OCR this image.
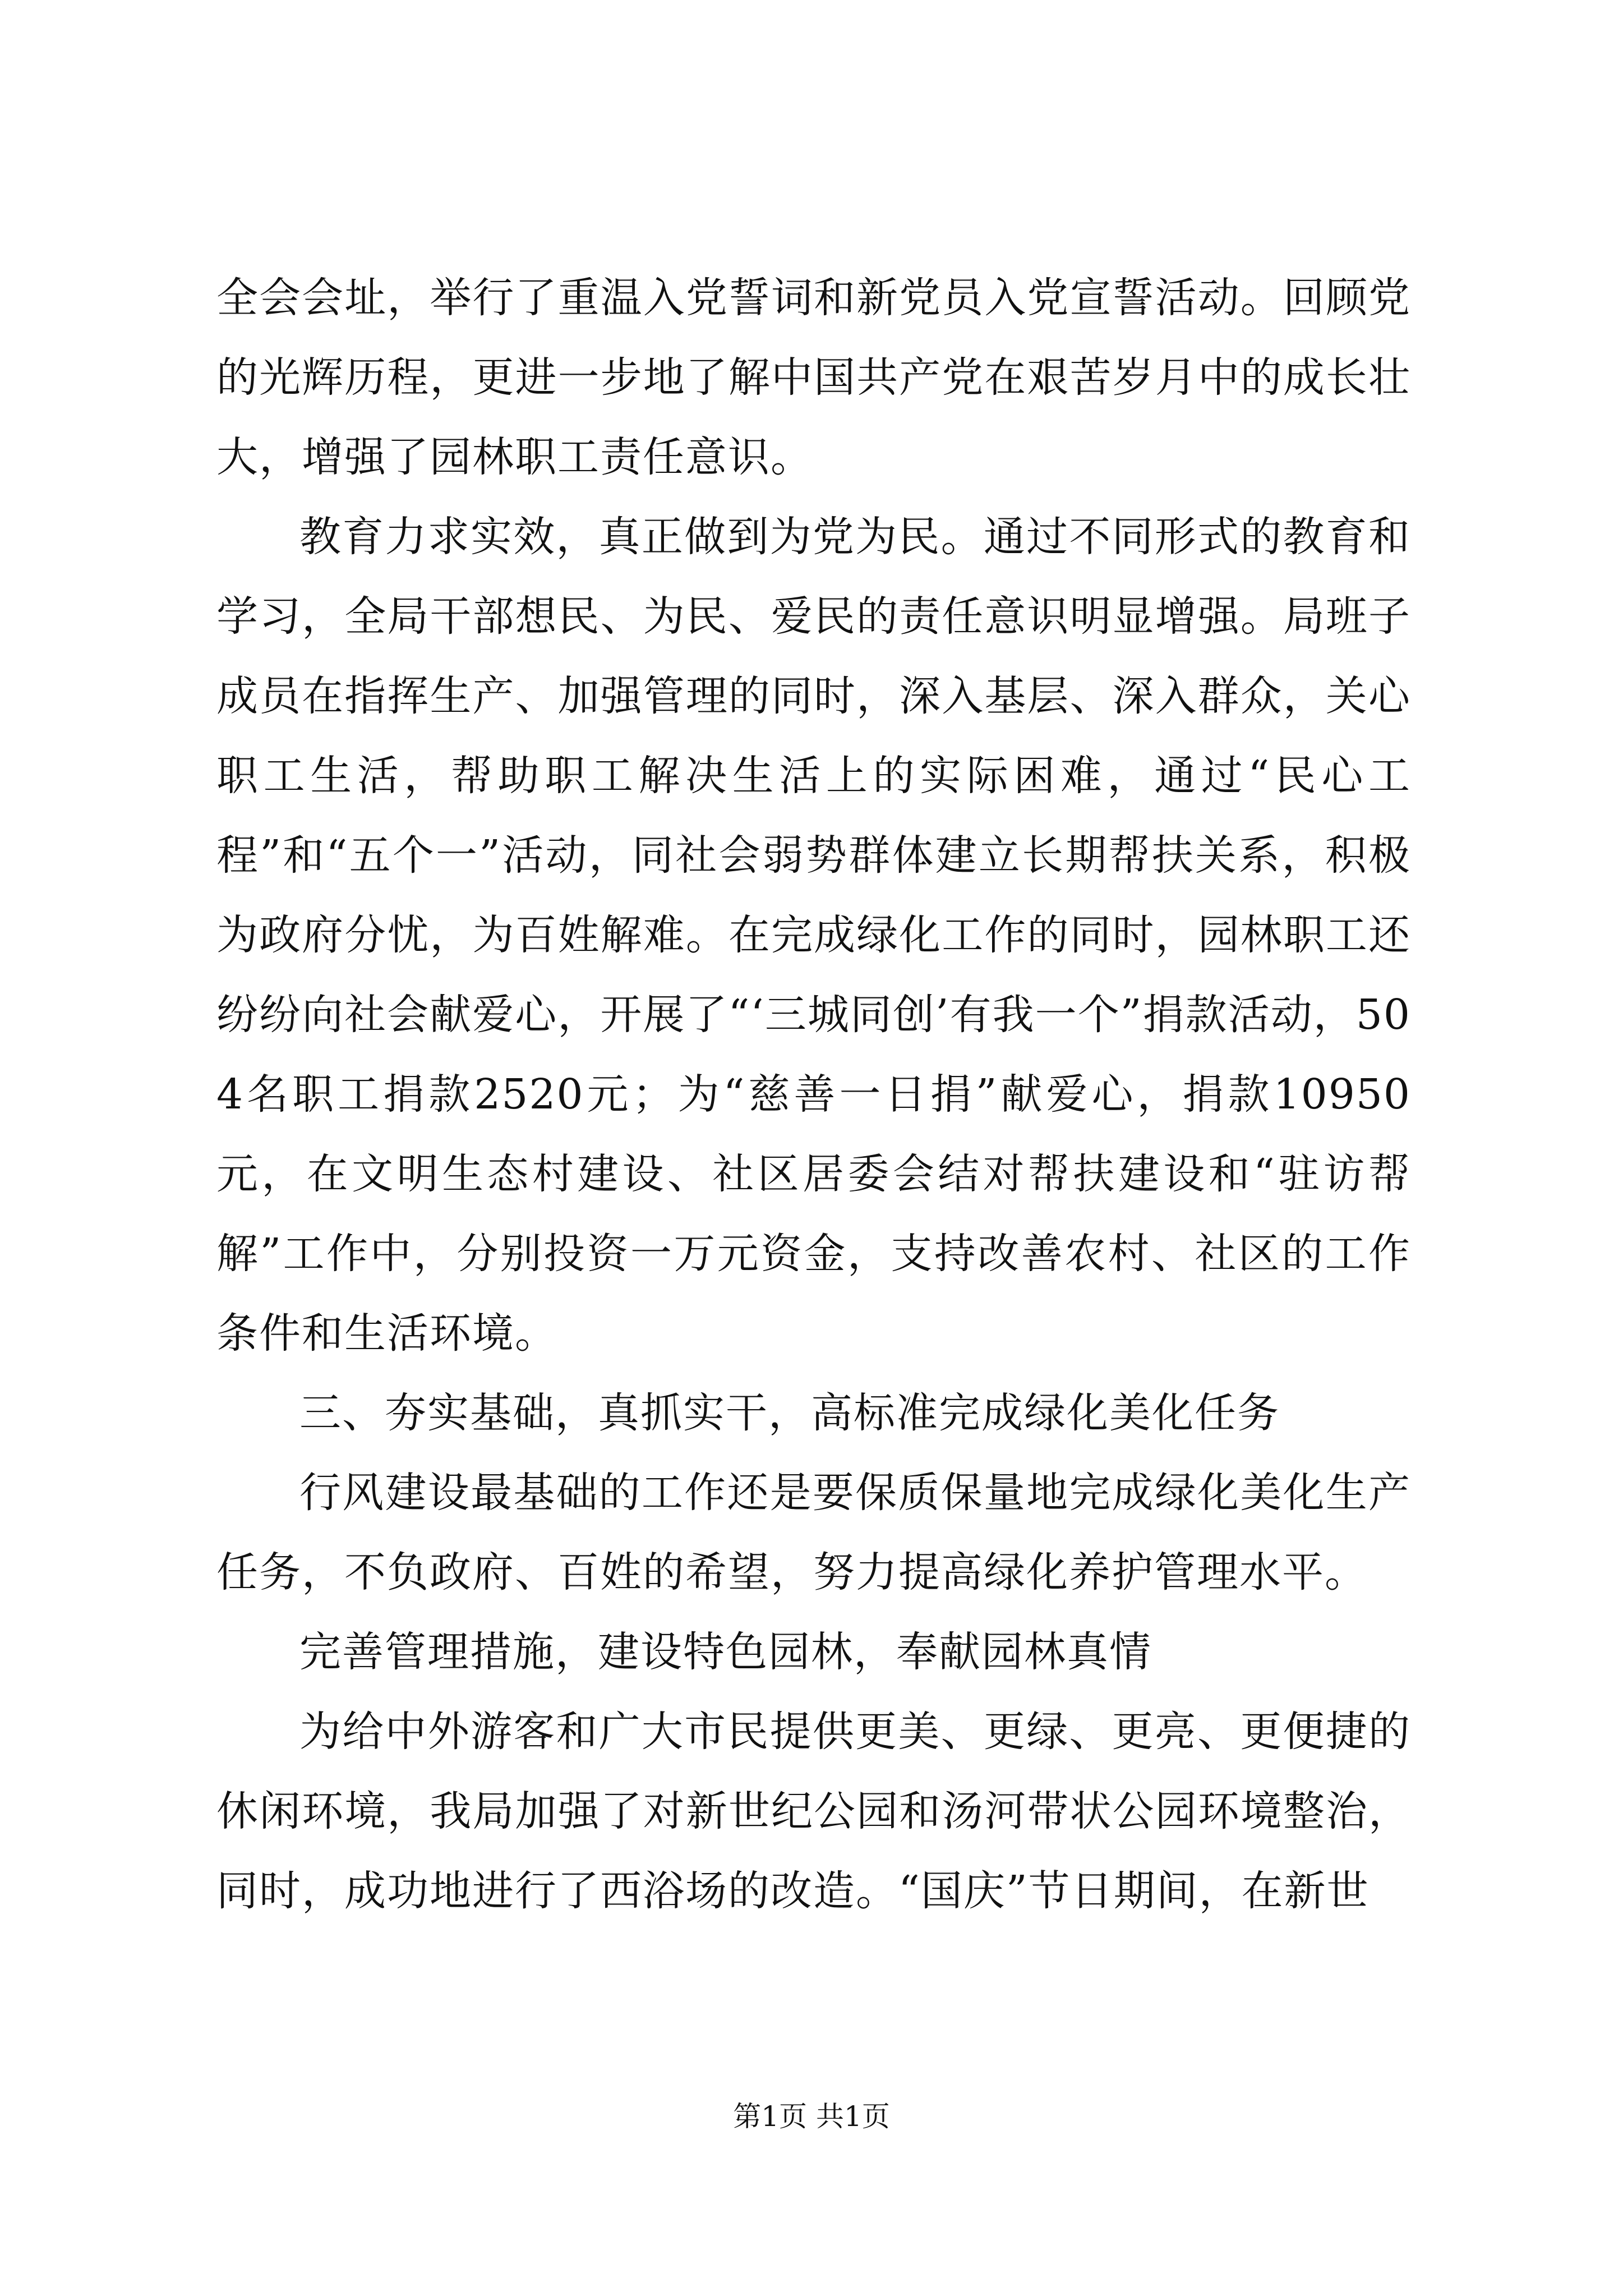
全会会址，举行了重温入党誓词和新党员入党宣誓活动。回顾党的光辉历程，更进一步地了解中国共产党在艰苦岁月中的成长壮大，增强了园林职工责任意识。

教育力求实效，真正做到为党为民。通过不同形式的教育和学习，全局干部想民、为民、爱民的责任意识明显增强。局班子成员在指挥生产、加强管理的同时，深入基层、深入群众，关心职工生活，帮助职工解决生活上的实际困难，通过“民心工程”和“五个一”活动，同社会弱势群体建立长期帮扶关系，积极为政府分忧，为百姓解难。在完成绿化工作的同时，园林职工还纷纷向社会献爱心，开展了“‘三城同创’有我一个”捐款活动，504名职工捐款2520元；为“慈善一日捐”献爱心，捐款10950元，在文明生态村建设、社区居委会结对帮扶建设和“驻访帮解”工作中，分别投资一万元资金，支持改善农村、社区的工作条件和生活环境。

三、夯实基础，真抓实干，高标准完成绿化美化任务

行风建设最基础的工作还是要保质保量地完成绿化美化生产任务，不负政府、百姓的希望，努力提高绿化养护管理水平。

完善管理措施，建设特色园林，奉献园林真情

为给中外游客和广大市民提供更美、更绿、更亮、更便捷的休闲环境，我局加强了对新世纪公园和汤河带状公园环境整治，同时，成功地进行了西浴场的改造。“国庆”节日期间，在新世

第1页 共1页
